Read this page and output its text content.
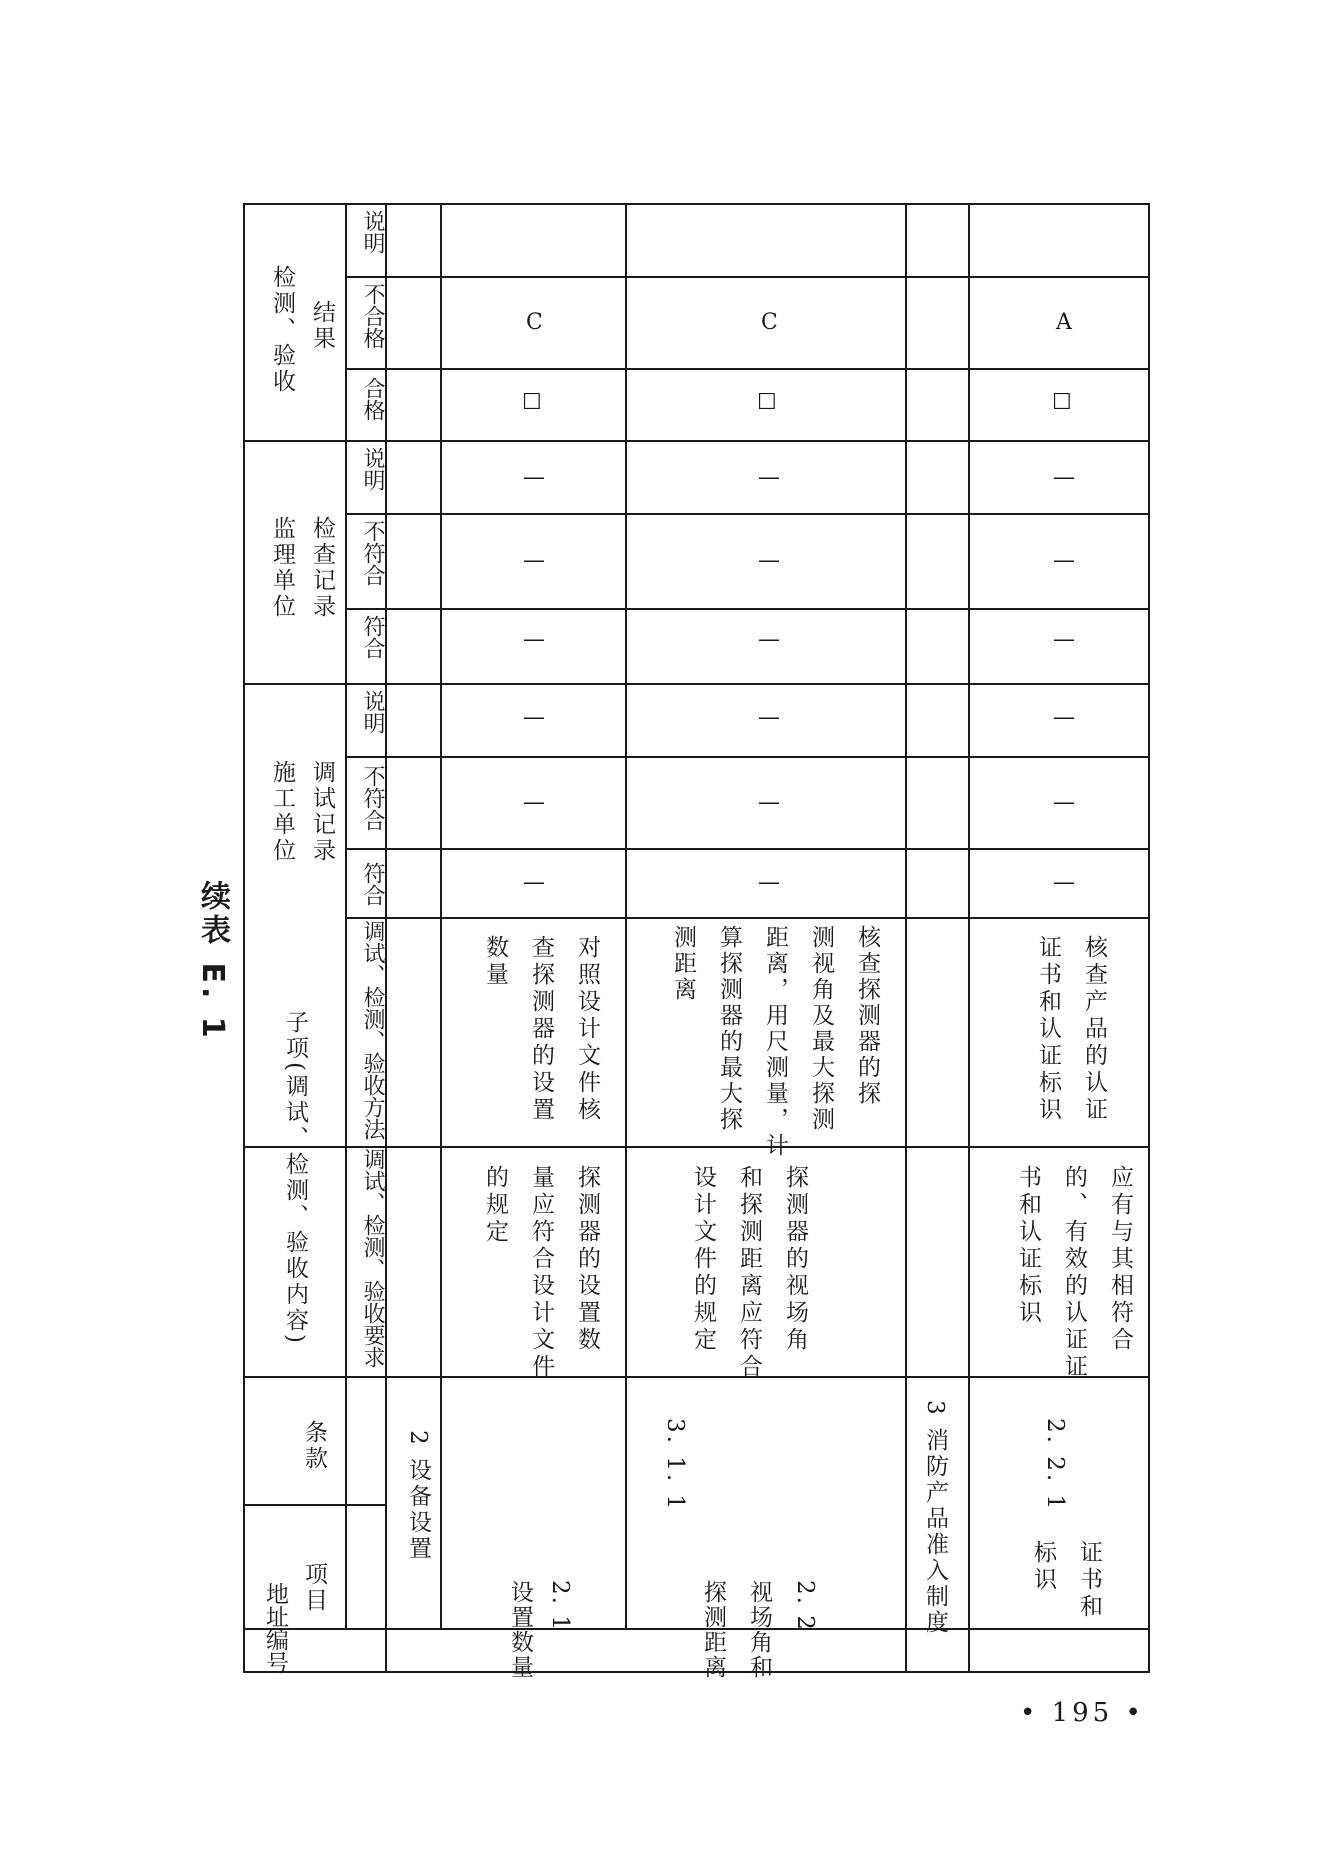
续表 E. 1
地址编号 项目
条款
子项(调试、检测、验收内容)	调试、检测、验收要求
调试、检测、验收方法
施工单位 调试记录
监理单位 检查记录
检测、验收 结果
符合
不符合
说明
符合
不符合
说明
合格
不合格
说明
2 设备设置	3 消防产品准入制度
2. 1
设置数量
探测器的设置数
量应符合设计文件
的规定
对照设计文件核
查探测器的设置
数量
—
—
—
—
—
—
☐
C
3. 1. 1
2. 2
视场角和
探测距离
探测器的视场角
和探测距离应符合
设计文件的规定
核查探测器的探
测视角及最大探测
距离，用尺测量，计
算探测器的最大探
测距离
—
—
—
—
—
—
☐
C
证书和
标识
2. 2. 1
应有与其相符合
的、有效的认证证
书和认证标识
核查产品的认证
证书和认证标识
—
—
—
—
—
—
☐
A
• 195 •
